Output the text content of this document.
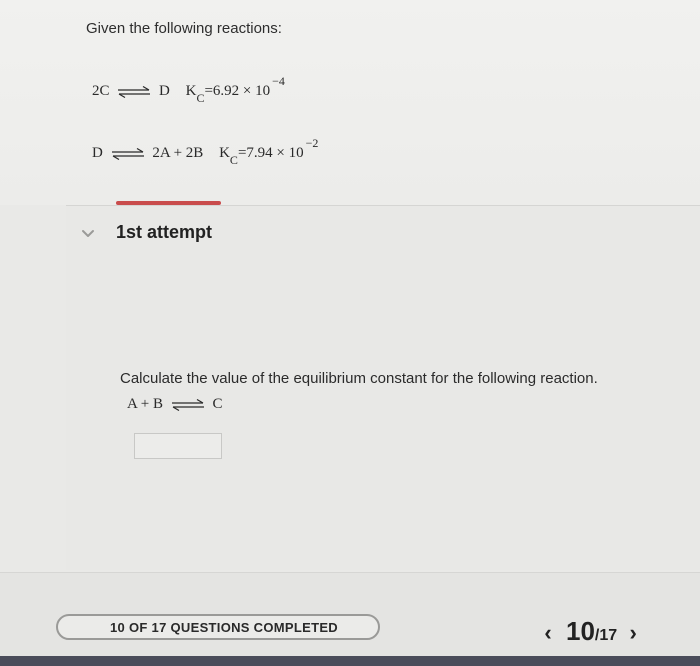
Given the following reactions:
2C ⇌ D $K_C=6.92 \times 10^{-4}$
D ⇌ 2A + 2B $K_C=7.94 \times 10^{-2}$
1st attempt
Calculate the value of the equilibrium constant for the following reaction.
A + B ⇌ C
10 OF 17 QUESTIONS COMPLETED	‹ 10 /17 ›
